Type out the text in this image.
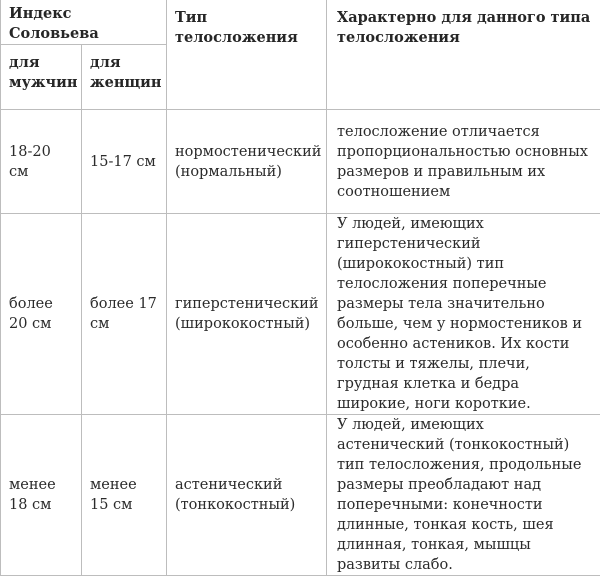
Индекс Соловьева		Тип телосложения	Характерно для данного типа телосложения
для мужчин	для женщин		
18-20 см	15-17 см	нормостенический (нормальный)	телосложение отличается пропорциональностью основных размеров и правильным их соотношением
более 20 см	более 17 см	гиперстенический (ширококостный)	У людей, имеющих гиперстенический (ширококостный) тип телосложения поперечные размеры тела значительно больше, чем у нормостеников и особенно астеников. Их кости толсты и тяжелы, плечи, грудная клетка и бедра широкие, ноги короткие.
менее 18 см	менее 15 см	астенический (тонкокостный)	У людей, имеющих астенический (тонкокостный) тип телосложения, продольные размеры преобладают над поперечными: конечности длинные, тонкая кость, шея длинная, тонкая, мышцы развиты слабо.
